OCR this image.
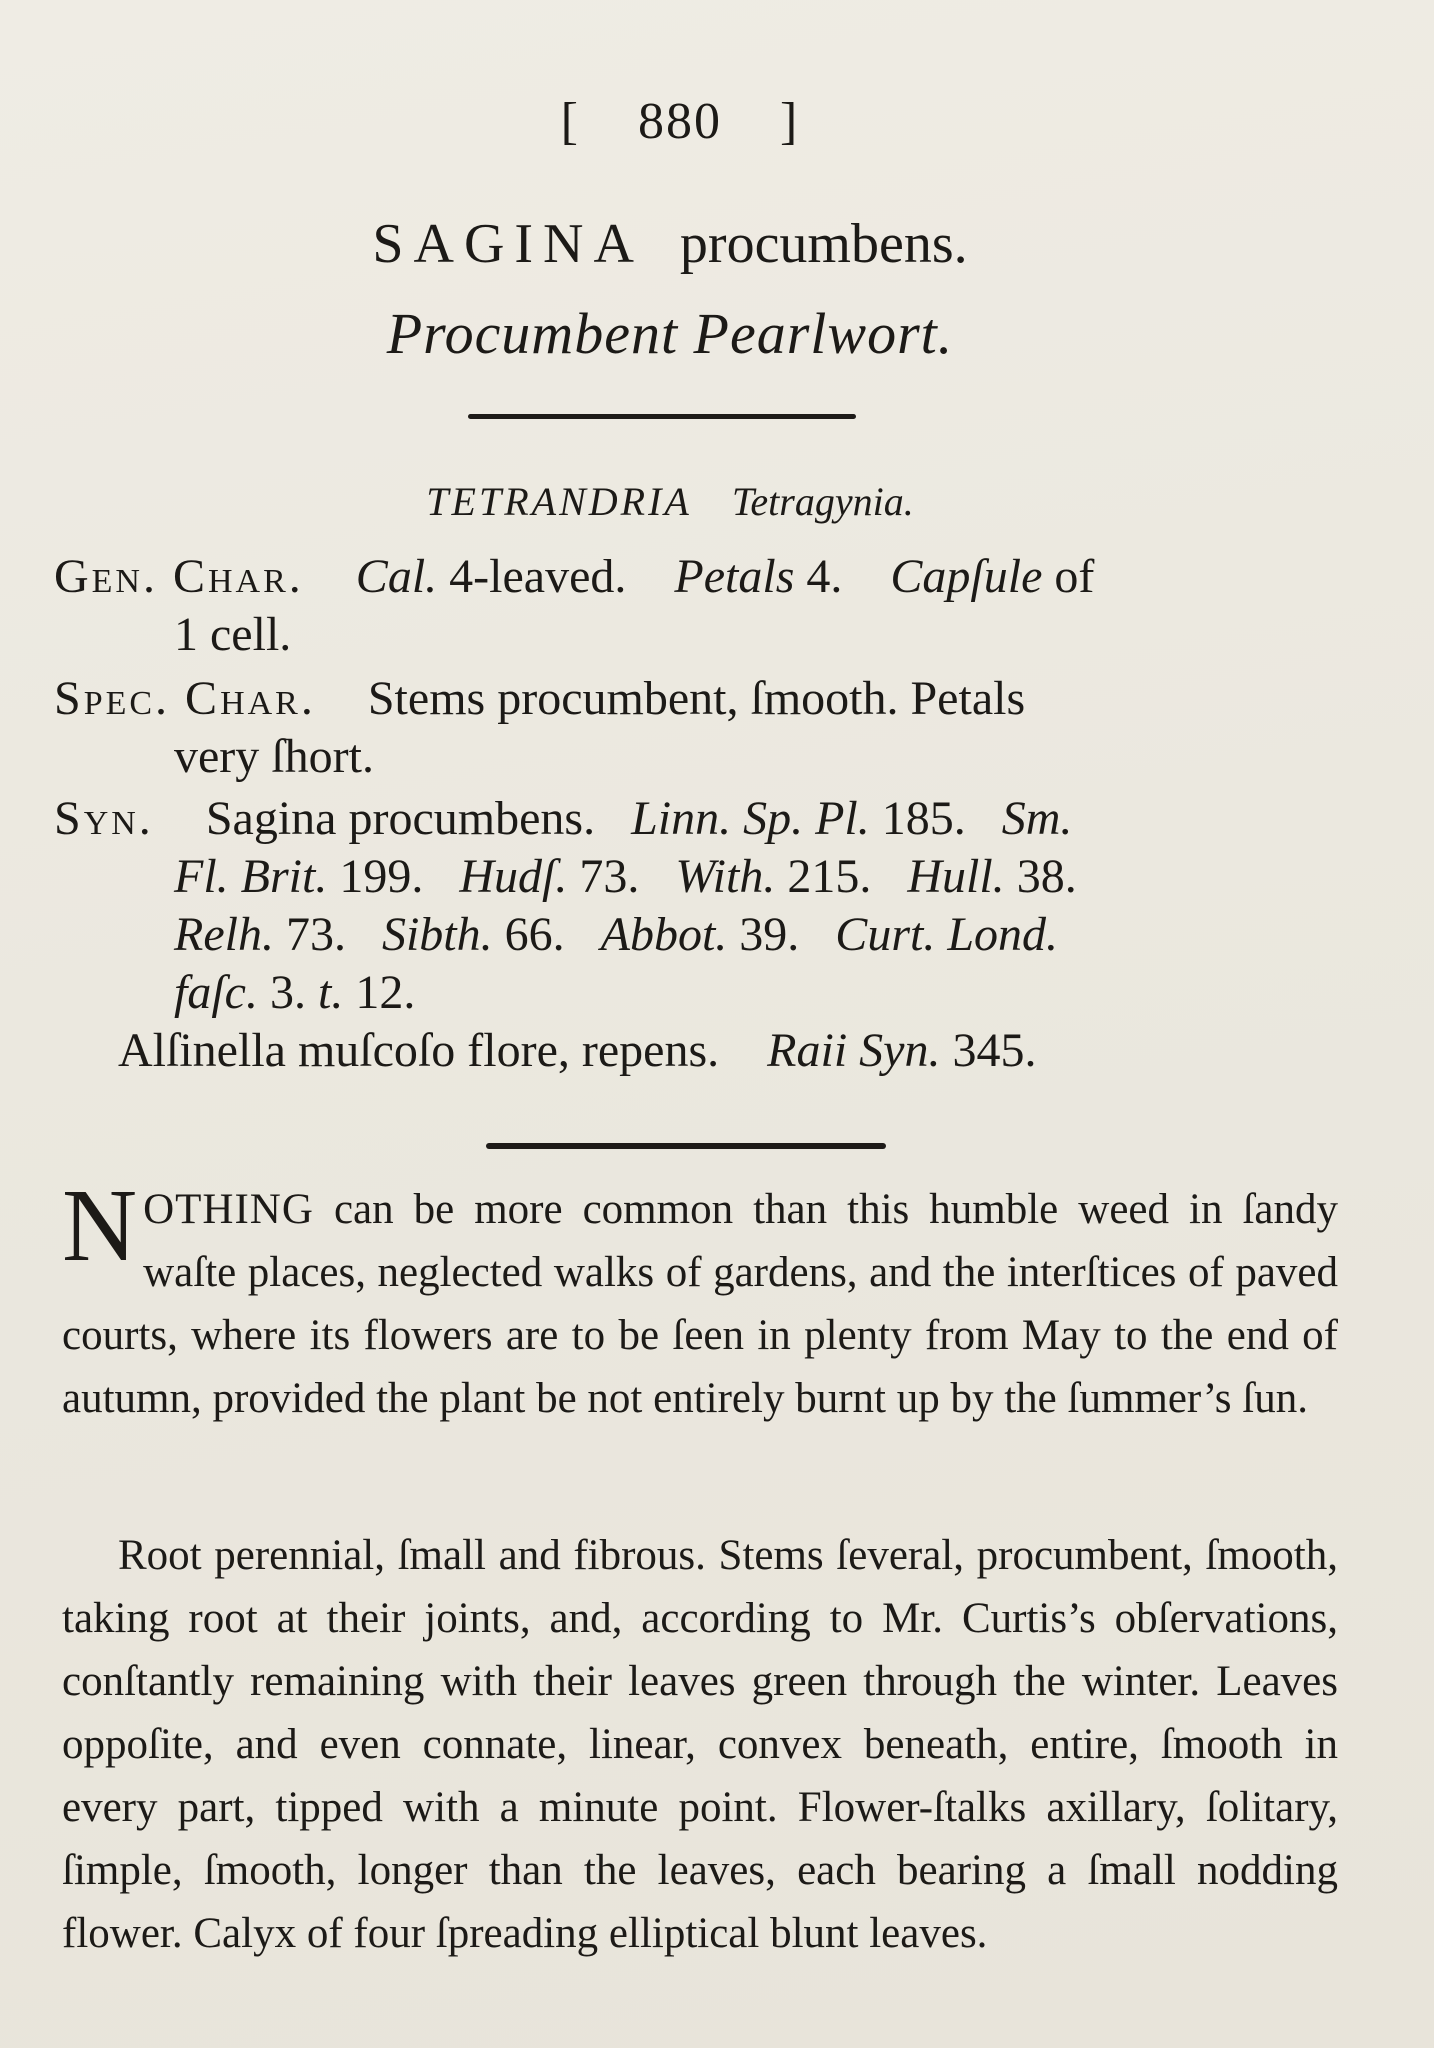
[ 880 ]
SAGINA procumbens.
Procumbent Pearlwort.
TETRANDRIA Tetragynia.
Gen. Char. Cal. 4-leaved. Petals 4. Capſule of
1 cell.
Spec. Char. Stems procumbent, ſmooth. Petals
very ſhort.
Syn. Sagina procumbens. Linn. Sp. Pl. 185. Sm.
Fl. Brit. 199. Hudſ. 73. With. 215. Hull. 38.
Relh. 73. Sibth. 66. Abbot. 39. Curt. Lond.
faſc. 3. t. 12.
Alſinella muſcoſo flore, repens. Raii Syn. 345.
NOTHING can be more common than this humble weed in ſandy waſte places, neglected walks of gardens, and the interſtices of paved courts, where its flowers are to be ſeen in plenty from May to the end of autumn, provided the plant be not entirely burnt up by the ſummer’s ſun.
Root perennial, ſmall and fibrous. Stems ſeveral, procumbent, ſmooth, taking root at their joints, and, according to Mr. Curtis’s obſervations, conſtantly remaining with their leaves green through the winter. Leaves oppoſite, and even connate, linear, convex beneath, entire, ſmooth in every part, tipped with a minute point. Flower-ſtalks axillary, ſolitary, ſimple, ſmooth, longer than the leaves, each bearing a ſmall nodding flower. Calyx of four ſpreading elliptical blunt leaves.
